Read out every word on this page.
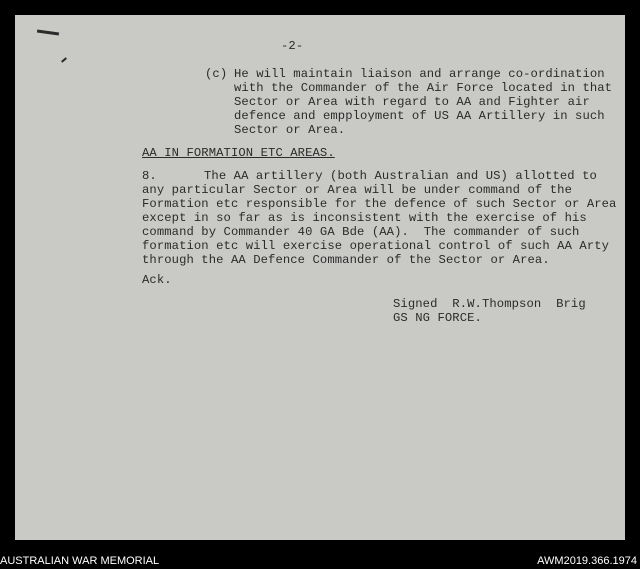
-2-
(c) He will maintain liaison and arrange co-ordination
with the Commander of the Air Force located in that
Sector or Area with regard to AA and Fighter air
defence and empployment of US AA Artillery in such
Sector or Area.
AA IN FORMATION ETC AREAS.
8.	The AA artillery (both Australian and US) allotted to
any particular Sector or Area will be under command of the
Formation etc responsible for the defence of such Sector or Area
except in so far as is inconsistent with the exercise of his
command by Commander 40 GA Bde (AA).  The commander of such
formation etc will exercise operational control of such AA Arty
through the AA Defence Commander of the Sector or Area.
Ack.
Signed  R.W.Thompson  Brig
GS NG FORCE.
AUSTRALIAN WAR MEMORIAL	AWM2019.366.1974
